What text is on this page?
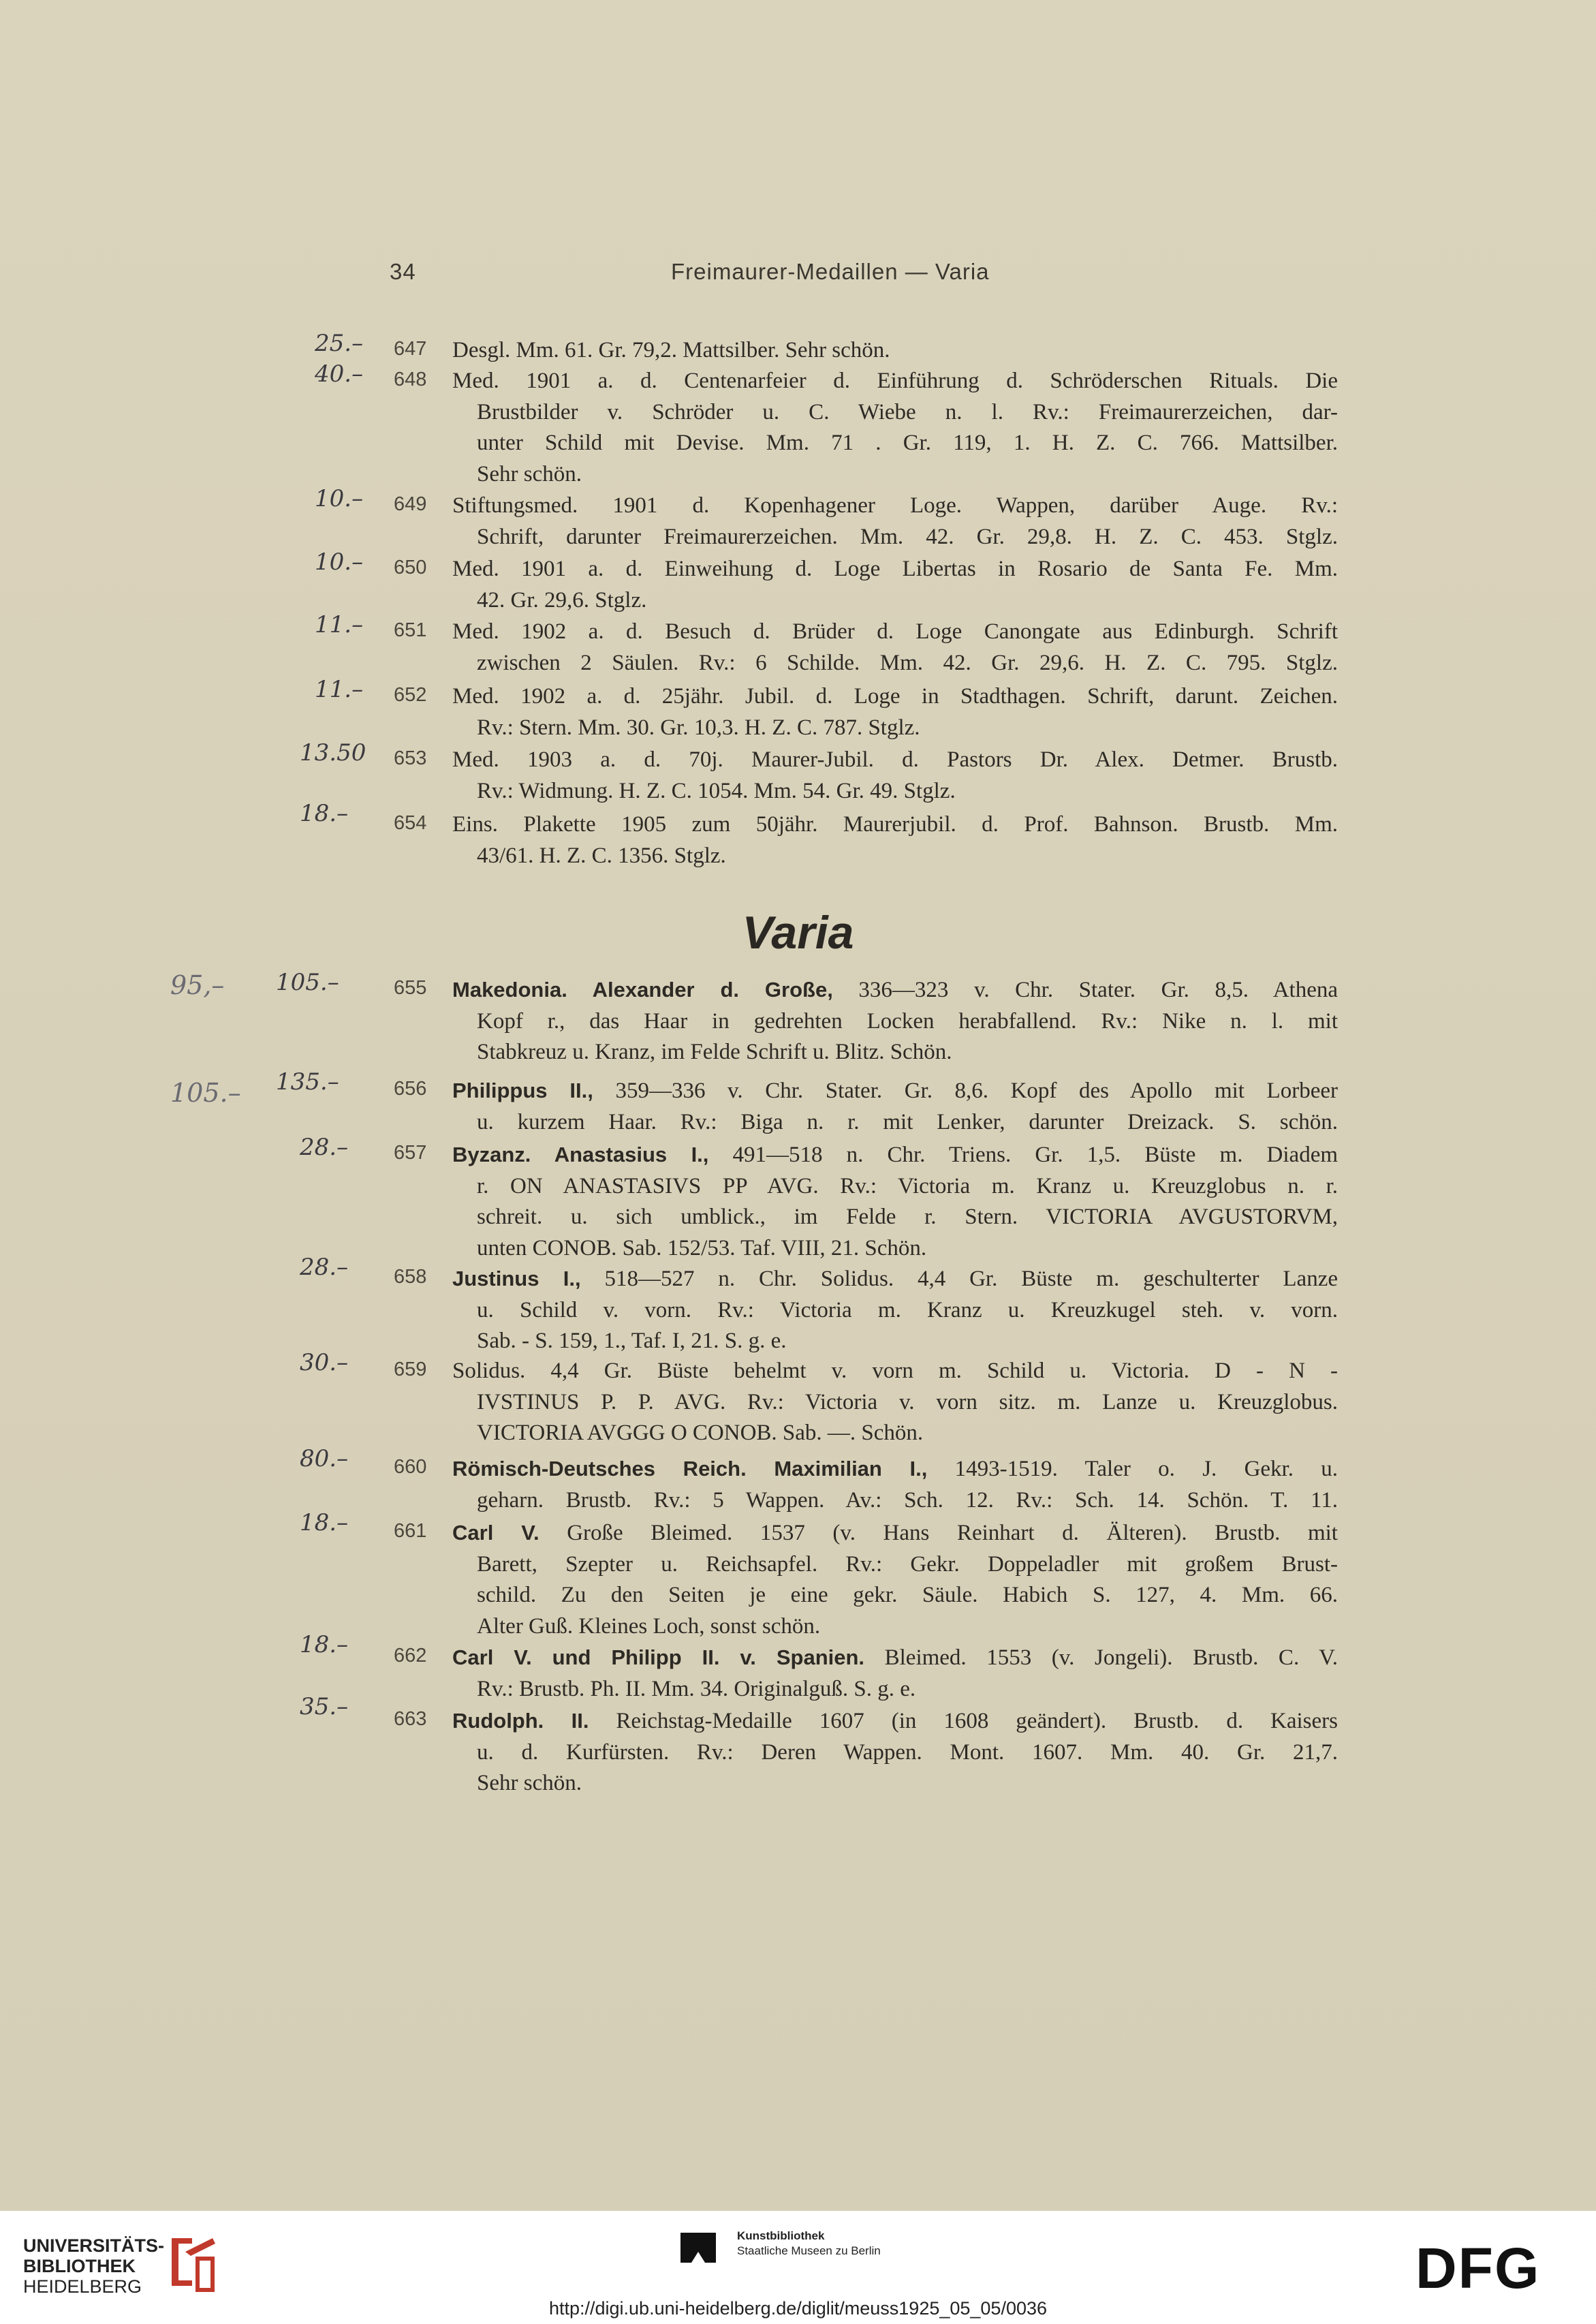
34	Freimaurer-Medaillen — Varia
25.– 647 Desgl. Mm. 61. Gr. 79,2. Mattsilber. Sehr schön.
40.– 648 Med. 1901 a. d. Centenarfeier d. Einführung d. Schröderschen Rituals. Die
Brustbilder v. Schröder u. C. Wiebe n. l. Rv.: Freimaurerzeichen, dar-
unter Schild mit Devise. Mm. 71 . Gr. 119, 1. H. Z. C. 766. Mattsilber.
Sehr schön.
10.– 649 Stiftungsmed. 1901 d. Kopenhagener Loge. Wappen, darüber Auge. Rv.:
Schrift, darunter Freimaurerzeichen. Mm. 42. Gr. 29,8. H. Z. C. 453. Stglz.
10.– 650 Med. 1901 a. d. Einweihung d. Loge Libertas in Rosario de Santa Fe. Mm.
42. Gr. 29,6. Stglz.
11.– 651 Med. 1902 a. d. Besuch d. Brüder d. Loge Canongate aus Edinburgh. Schrift
zwischen 2 Säulen. Rv.: 6 Schilde. Mm. 42. Gr. 29,6. H. Z. C. 795. Stglz.
11.– 652 Med. 1902 a. d. 25jähr. Jubil. d. Loge in Stadthagen. Schrift, darunt. Zeichen.
Rv.: Stern. Mm. 30. Gr. 10,3. H. Z. C. 787. Stglz.
13.50 653 Med. 1903 a. d. 70j. Maurer-Jubil. d. Pastors Dr. Alex. Detmer. Brustb.
Rv.: Widmung. H. Z. C. 1054. Mm. 54. Gr. 49. Stglz.
18.– 654 Eins. Plakette 1905 zum 50jähr. Maurerjubil. d. Prof. Bahnson. Brustb. Mm.
43/61. H. Z. C. 1356. Stglz.
Varia
95,– 105.–	655 Makedonia. Alexander d. Große, 336—323 v. Chr. Stater. Gr. 8,5. Athena
Kopf r., das Haar in gedrehten Locken herabfallend. Rv.: Nike n. l. mit
Stabkreuz u. Kranz, im Felde Schrift u. Blitz. Schön.
105.– 135.–	656 Philippus II., 359—336 v. Chr. Stater. Gr. 8,6. Kopf des Apollo mit Lorbeer
u. kurzem Haar. Rv.: Biga n. r. mit Lenker, darunter Dreizack. S. schön.
28.– 657 Byzanz. Anastasius I., 491—518 n. Chr. Triens. Gr. 1,5. Büste m. Diadem
r. ON ANASTASIVS PP AVG. Rv.: Victoria m. Kranz u. Kreuzglobus n. r.
schreit. u. sich umblick., im Felde r. Stern. VICTORIA AVGUSTORVM,
unten CONOB. Sab. 152/53. Taf. VIII, 21. Schön.
28.– 658 Justinus I., 518—527 n. Chr. Solidus. 4,4 Gr. Büste m. geschulterter Lanze
u. Schild v. vorn. Rv.: Victoria m. Kranz u. Kreuzkugel steh. v. vorn.
Sab. - S. 159, 1., Taf. I, 21. S. g. e.
30.– 659 Solidus. 4,4 Gr. Büste behelmt v. vorn m. Schild u. Victoria. D - N -
IVSTINUS P. P. AVG. Rv.: Victoria v. vorn sitz. m. Lanze u. Kreuzglobus.
VICTORIA AVGGG O CONOB. Sab. —. Schön.
80.– 660 Römisch-Deutsches Reich. Maximilian I., 1493-1519. Taler o. J. Gekr. u.
geharn. Brustb. Rv.: 5 Wappen. Av.: Sch. 12. Rv.: Sch. 14. Schön. T. 11.
18.– 661 Carl V. Große Bleimed. 1537 (v. Hans Reinhart d. Älteren). Brustb. mit
Barett, Szepter u. Reichsapfel. Rv.: Gekr. Doppeladler mit großem Brust-
schild. Zu den Seiten je eine gekr. Säule. Habich S. 127, 4. Mm. 66.
Alter Guß. Kleines Loch, sonst schön.
18.– 662 Carl V. und Philipp II. v. Spanien. Bleimed. 1553 (v. Jongeli). Brustb. C. V.
Rv.: Brustb. Ph. II. Mm. 34. Originalguß. S. g. e.
35.– 663 Rudolph. II. Reichstag-Medaille 1607 (in 1608 geändert). Brustb. d. Kaisers
u. d. Kurfürsten. Rv.: Deren Wappen. Mont. 1607. Mm. 40. Gr. 21,7.
Sehr schön.
UNIVERSITÄTS-
BIBLIOTHEK
HEIDELBERG
Kunstbibliothek
Staatliche Museen zu Berlin	DFG
http://digi.ub.uni-heidelberg.de/diglit/meuss1925_05_05/0036
